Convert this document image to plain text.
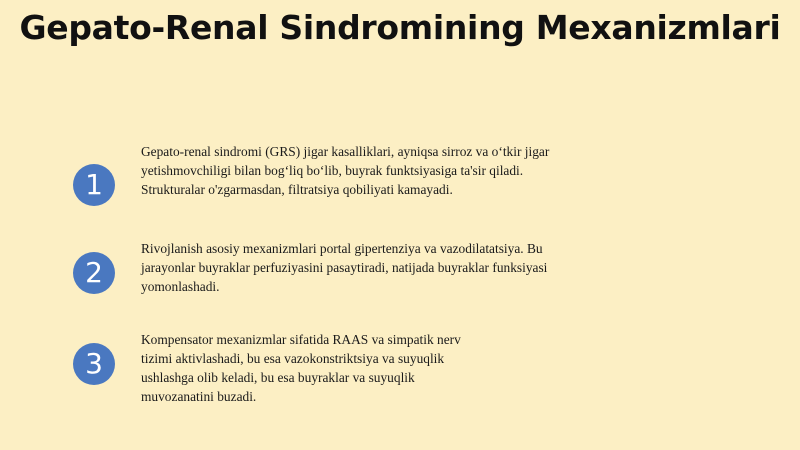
Gepato-Renal Sindromining Mexanizmlari
1
Gepato-renal sindromi (GRS) jigar kasalliklari, ayniqsa sirroz va o‘tkir jigar
yetishmovchiligi bilan bog‘liq bo‘lib, buyrak funktsiyasiga ta'sir qiladi.
Strukturalar o'zgarmasdan, filtratsiya qobiliyati kamayadi.
2
Rivojlanish asosiy mexanizmlari portal gipertenziya va vazodilatatsiya. Bu
jarayonlar buyraklar perfuziyasini pasaytiradi, natijada buyraklar funksiyasi
yomonlashadi.
3
Kompensator mexanizmlar sifatida RAAS va simpatik nerv
tizimi aktivlashadi, bu esa vazokonstriktsiya va suyuqlik
ushlashga olib keladi, bu esa buyraklar va suyuqlik
muvozanatini buzadi.
